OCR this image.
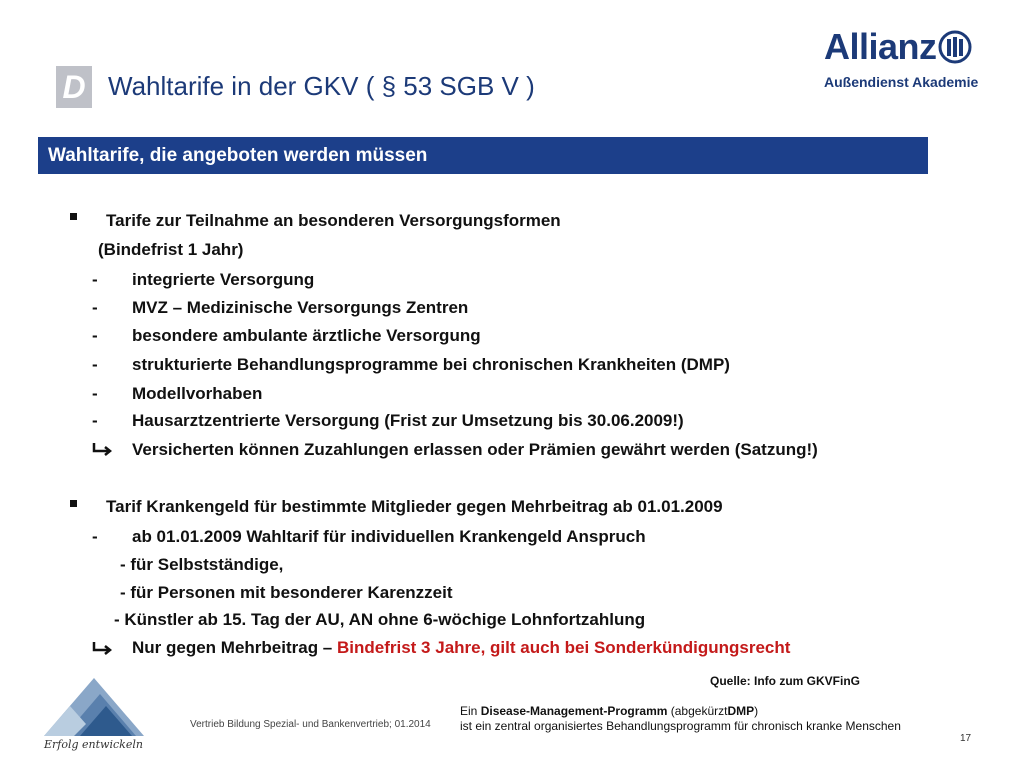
Allianz
Außendienst Akademie
D Wahltarife in der GKV ( § 53 SGB V )
Wahltarife, die angeboten werden müssen
Tarife zur Teilnahme an besonderen Versorgungsformen
(Bindefrist 1 Jahr)
- integrierte Versorgung
- MVZ – Medizinische Versorgungs Zentren
- besondere ambulante ärztliche Versorgung
- strukturierte Behandlungsprogramme bei chronischen Krankheiten (DMP)
- Modellvorhaben
- Hausarztzentrierte Versorgung (Frist zur Umsetzung bis 30.06.2009!)
Versicherten können Zuzahlungen erlassen oder Prämien gewährt werden (Satzung!)
Tarif Krankengeld für bestimmte Mitglieder gegen Mehrbeitrag ab 01.01.2009
- ab 01.01.2009 Wahltarif für individuellen Krankengeld Anspruch
- für Selbstständige,
- für Personen mit besonderer Karenzzeit
- Künstler ab 15. Tag der AU, AN ohne 6-wöchige Lohnfortzahlung
Nur gegen Mehrbeitrag – Bindefrist 3 Jahre, gilt auch bei Sonderkündigungsrecht
Quelle: Info zum GKVFinG
Erfolg entwickeln
Vertrieb Bildung Spezial- und Bankenvertrieb; 01.2014
Ein Disease-Management-Programm (abgekürztDMP)
ist ein zentral organisiertes Behandlungsprogramm für chronisch kranke Menschen
17
